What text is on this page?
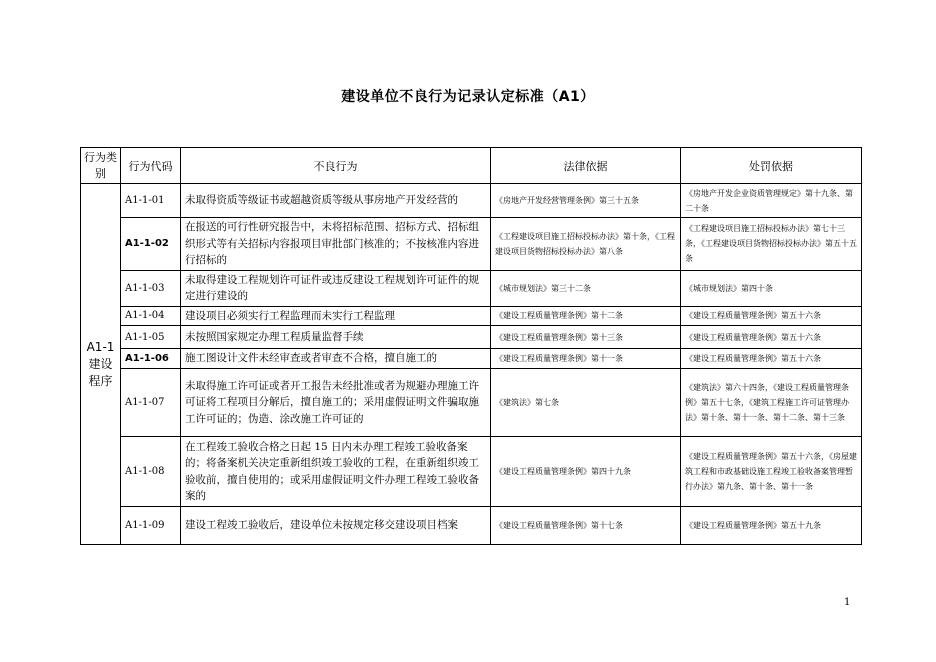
建设单位不良行为记录认定标准（A1）
行为类别	行为代码	不良行为	法律依据	处罚依据

A1-1
建设程序	A1-1-01	未取得资质等级证书或超越资质等级从事房地产开发经营的	《房地产开发经营管理条例》第三十五条	《房地产开发企业资质管理规定》第十九条、第二十条
	A1-1-02	在报送的可行性研究报告中，未将招标范围、招标方式、招标组织形式等有关招标内容报项目审批部门核准的；不按核准内容进行招标的	《工程建设项目施工招标投标办法》第十条，《工程建设项目货物招标投标办法》第八条	《工程建设项目施工招标投标办法》第七十三条，《工程建设项目货物招标投标办法》第五十五条
	A1-1-03	未取得建设工程规划许可证件或违反建设工程规划许可证件的规定进行建设的	《城市规划法》第三十二条	《城市规划法》第四十条
	A1-1-04	建设项目必须实行工程监理而未实行工程监理	《建设工程质量管理条例》第十二条	《建设工程质量管理条例》第五十六条
	A1-1-05	未按照国家规定办理工程质量监督手续	《建设工程质量管理条例》第十三条	《建设工程质量管理条例》第五十六条
	A1-1-06	施工图设计文件未经审查或者审查不合格，擅自施工的	《建设工程质量管理条例》第十一条	《建设工程质量管理条例》第五十六条
	A1-1-07	未取得施工许可证或者开工报告未经批准或者为规避办理施工许可证将工程项目分解后，擅自施工的；采用虚假证明文件骗取施工许可证的；伪造、涂改施工许可证的	《建筑法》第七条	《建筑法》第六十四条，《建设工程质量管理条例》第五十七条，《建筑工程施工许可证管理办法》第十条、第十一条、第十二条、第十三条
	A1-1-08	在工程竣工验收合格之日起 15 日内未办理工程竣工验收备案的；将备案机关决定重新组织竣工验收的工程，在重新组织竣工验收前，擅自使用的；或采用虚假证明文件办理工程竣工验收备案的	《建设工程质量管理条例》第四十九条	《建设工程质量管理条例》第五十六条，《房屋建筑工程和市政基础设施工程竣工验收备案管理暂行办法》第九条、第十条、第十一条
	A1-1-09	建设工程竣工验收后，建设单位未按规定移交建设项目档案	《建设工程质量管理条例》第十七条	《建设工程质量管理条例》第五十九条
1
